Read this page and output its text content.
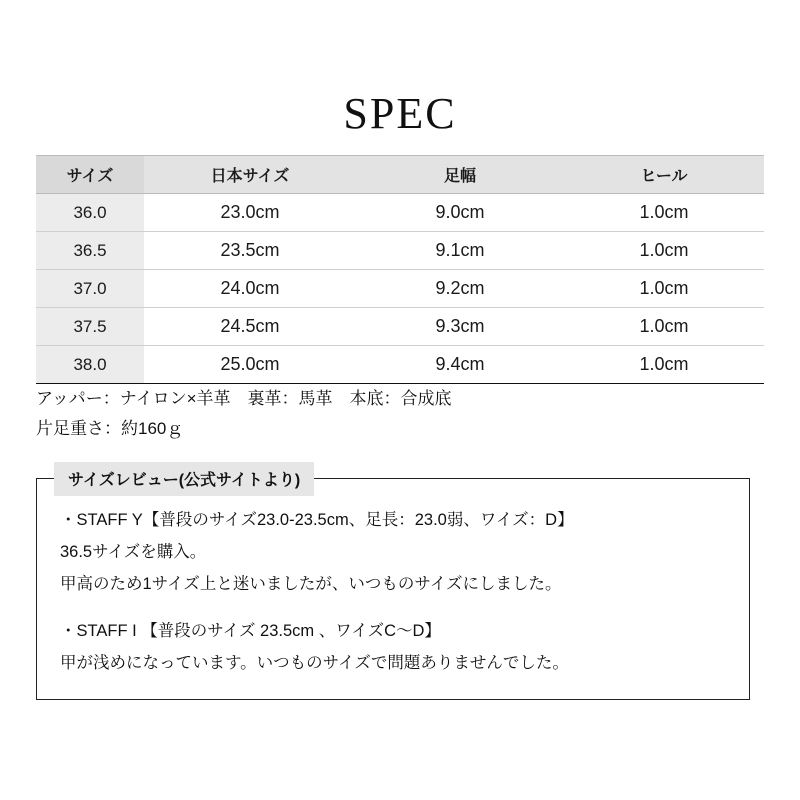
SPEC
サイズ	日本サイズ	足幅	ヒール
36.0	23.0cm	9.0cm	1.0cm
36.5	23.5cm	9.1cm	1.0cm
37.0	24.0cm	9.2cm	1.0cm
37.5	24.5cm	9.3cm	1.0cm
38.0	25.0cm	9.4cm	1.0cm
アッパー：ナイロン×羊革　裏革：馬革　本底：合成底
片足重さ：約160ｇ
サイズレビュー(公式サイトより)
・STAFF Y【普段のサイズ23.0-23.5cm、足長：23.0弱、ワイズ：D】
36.5サイズを購入。
甲高のため1サイズ上と迷いましたが、いつものサイズにしました。
・STAFF I 【普段のサイズ 23.5cm 、ワイズC〜D】
甲が浅めになっています。いつものサイズで問題ありませんでした。
